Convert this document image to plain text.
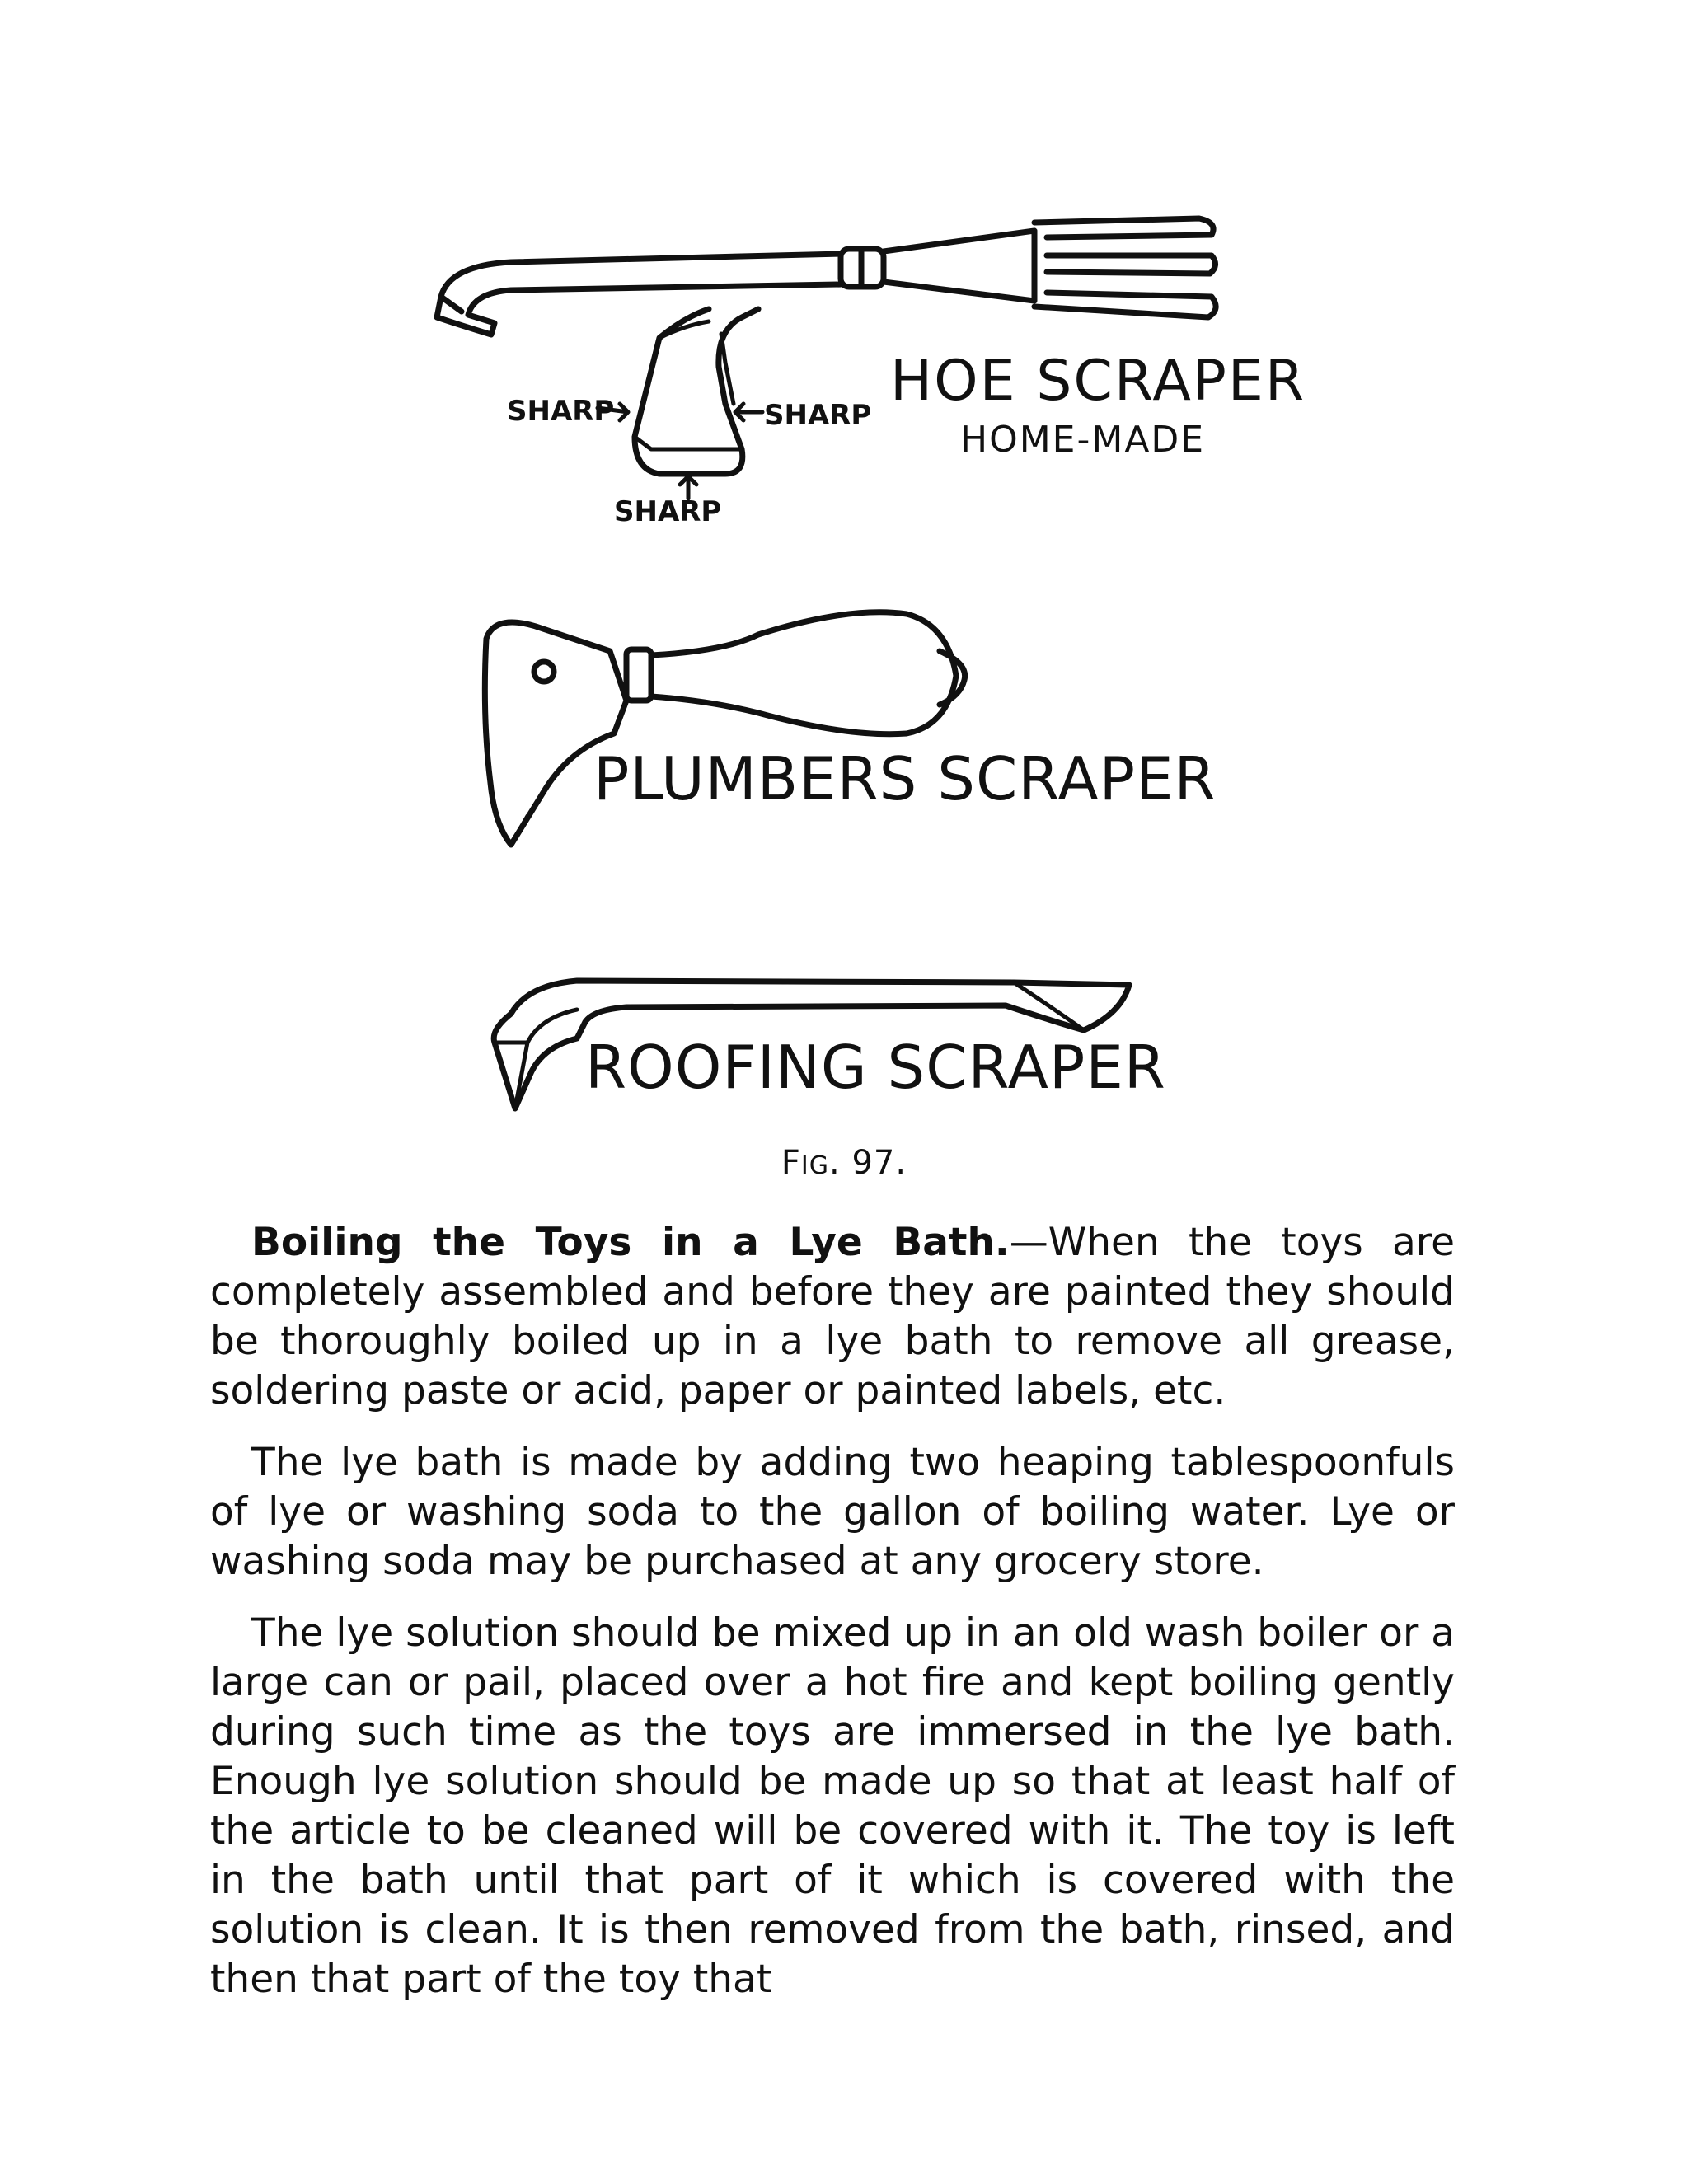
SHARP	SHARP
SHARP
HOE SCRAPER
HOME-MADE
PLUMBERS SCRAPER
ROOFING SCRAPER
FIG. 97.

Boiling the Toys in a Lye Bath.—When the toys are completely assembled and before they are painted they should be thoroughly boiled up in a lye bath to remove all grease, soldering paste or acid, paper or painted labels, etc.

The lye bath is made by adding two heaping tablespoonfuls of lye or washing soda to the gallon of boiling water. Lye or washing soda may be purchased at any grocery store.

The lye solution should be mixed up in an old wash boiler or a large can or pail, placed over a hot fire and kept boiling gently during such time as the toys are immersed in the lye bath. Enough lye solution should be made up so that at least half of the article to be cleaned will be covered with it. The toy is left in the bath until that part of it which is covered with the solution is clean. It is then removed from the bath, rinsed, and then that part of the toy that
